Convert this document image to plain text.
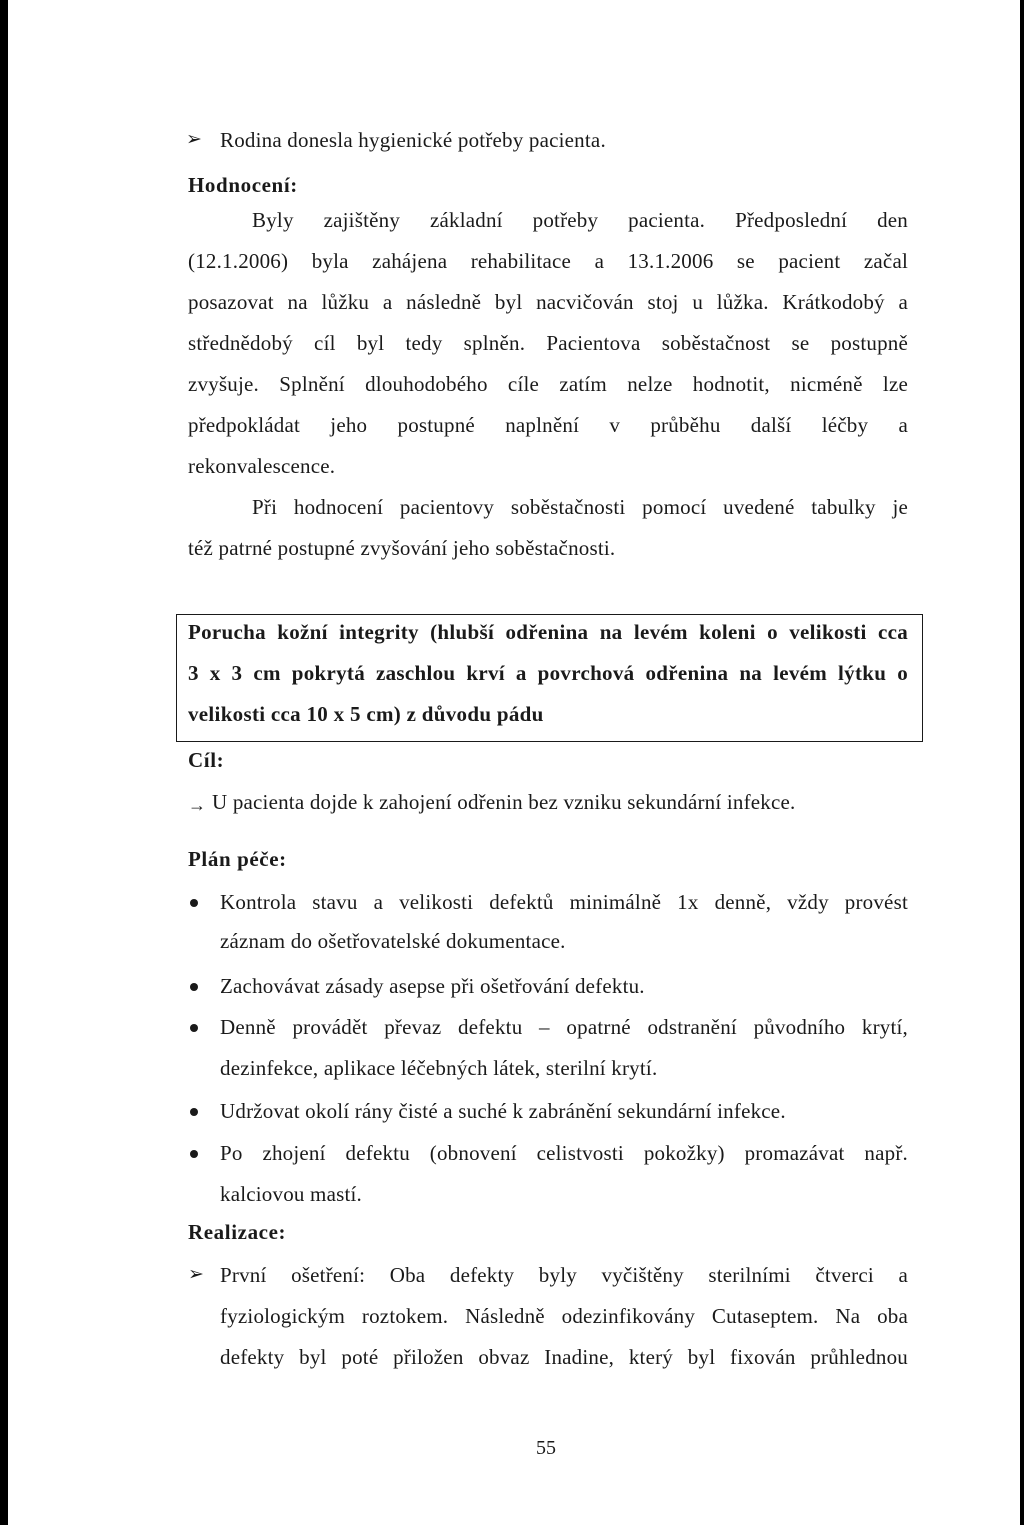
➢ Rodina donesla hygienické potřeby pacienta.
Hodnocení:
Byly zajištěny základní potřeby pacienta. Předposlední den
(12.1.2006) byla zahájena rehabilitace a 13.1.2006 se pacient začal
posazovat na lůžku a následně byl nacvičován stoj u lůžka. Krátkodobý a
střednědobý cíl byl tedy splněn. Pacientova soběstačnost se postupně
zvyšuje. Splnění dlouhodobého cíle zatím nelze hodnotit, nicméně lze
předpokládat jeho postupné naplnění v průběhu další léčby a
rekonvalescence.
Při hodnocení pacientovy soběstačnosti pomocí uvedené tabulky je
též patrné postupné zvyšování jeho soběstačnosti.
Porucha kožní integrity (hlubší odřenina na levém koleni o velikosti cca
3 x 3 cm pokrytá zaschlou krví a povrchová odřenina na levém lýtku o
velikosti cca 10 x 5 cm) z důvodu pádu
Cíl:
→ U pacienta dojde k zahojení odřenin bez vzniku sekundární infekce.
Plán péče:
Kontrola stavu a velikosti defektů minimálně 1x denně, vždy provést
záznam do ošetřovatelské dokumentace.
Zachovávat zásady asepse při ošetřování defektu.
Denně provádět převaz defektu – opatrné odstranění původního krytí,
dezinfekce, aplikace léčebných látek, sterilní krytí.
Udržovat okolí rány čisté a suché k zabránění sekundární infekce.
Po zhojení defektu (obnovení celistvosti pokožky) promazávat např.
kalciovou mastí.
Realizace:
➢ První ošetření: Oba defekty byly vyčištěny sterilními čtverci a
fyziologickým roztokem. Následně odezinfikovány Cutaseptem. Na oba
defekty byl poté přiložen obvaz Inadine, který byl fixován průhlednou
55
